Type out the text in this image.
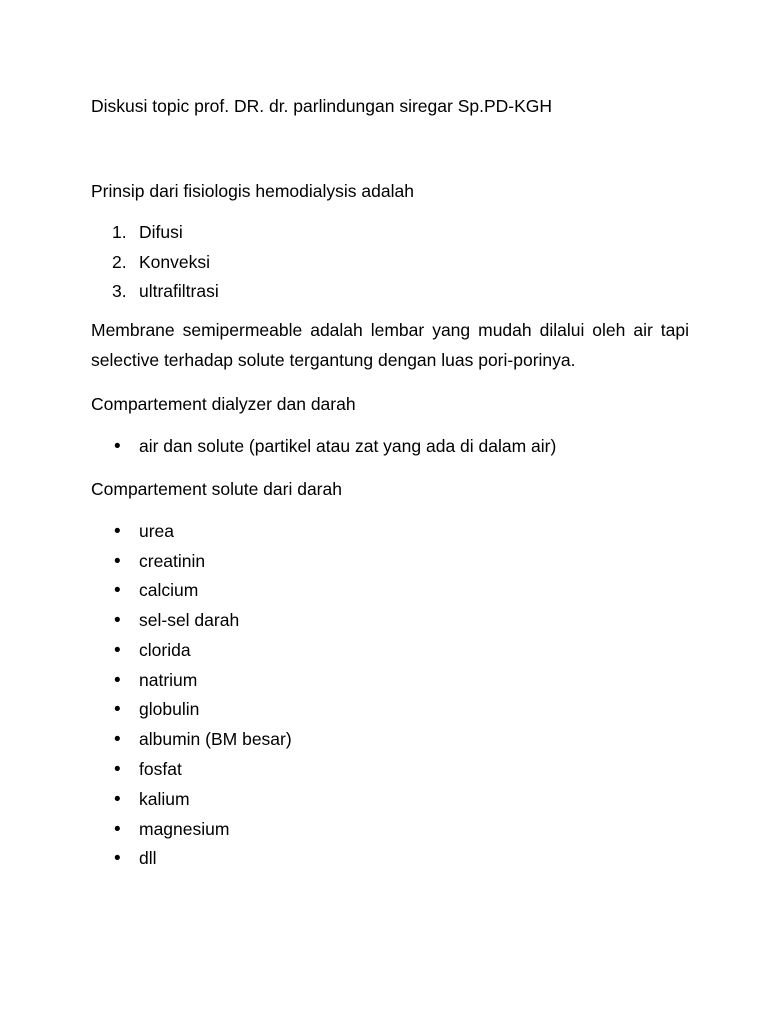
Diskusi topic prof. DR. dr. parlindungan siregar Sp.PD-KGH
Prinsip dari fisiologis hemodialysis adalah
1. Difusi
2. Konveksi
3. ultrafiltrasi
Membrane semipermeable adalah lembar yang mudah dilalui oleh air tapi selective terhadap solute tergantung dengan luas pori-porinya.
Compartement dialyzer dan darah
• air dan solute (partikel atau zat yang ada di dalam air)
Compartement solute dari darah
• urea
• creatinin
• calcium
• sel-sel darah
• clorida
• natrium
• globulin
• albumin (BM besar)
• fosfat
• kalium
• magnesium
• dll
